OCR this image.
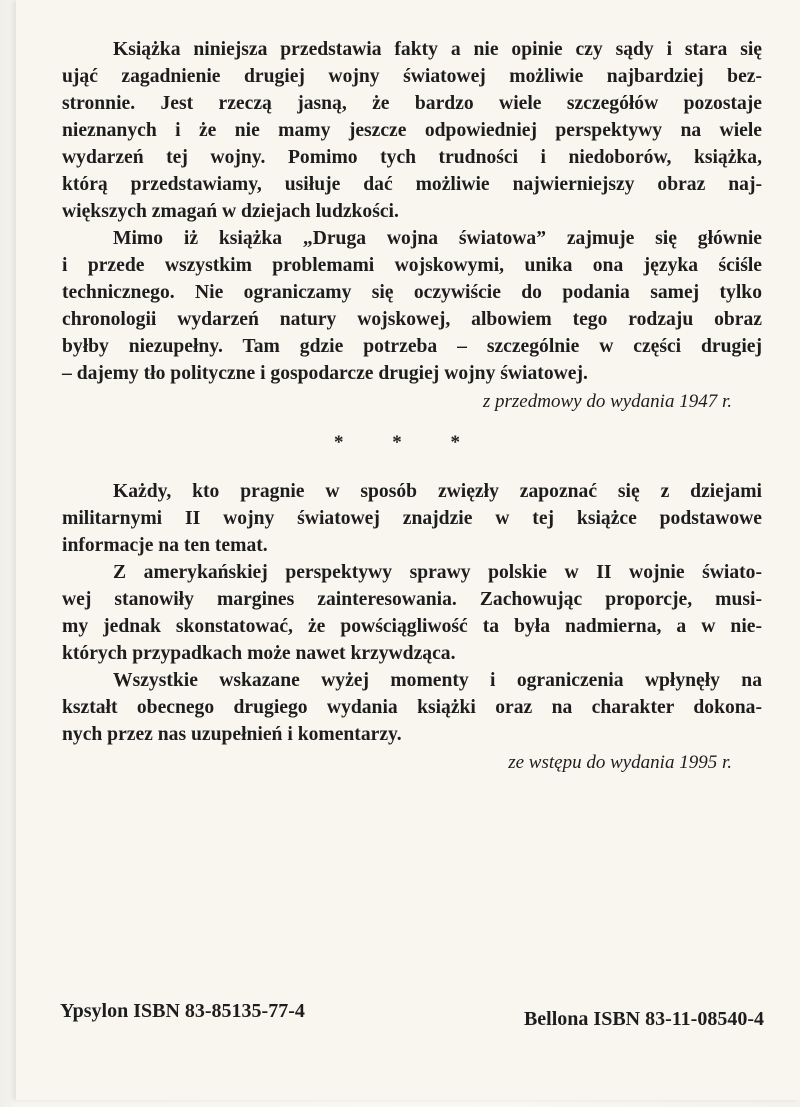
Książka niniejsza przedstawia fakty a nie opinie czy sądy i stara się
ująć zagadnienie drugiej wojny światowej możliwie najbardziej bez-
stronnie. Jest rzeczą jasną, że bardzo wiele szczegółów pozostaje
nieznanych i że nie mamy jeszcze odpowiedniej perspektywy na wiele
wydarzeń tej wojny. Pomimo tych trudności i niedoborów, książka,
którą przedstawiamy, usiłuje dać możliwie najwierniejszy obraz naj-
większych zmagań w dziejach ludzkości.
Mimo iż książka „Druga wojna światowa” zajmuje się głównie
i przede wszystkim problemami wojskowymi, unika ona języka ściśle
technicznego. Nie ograniczamy się oczywiście do podania samej tylko
chronologii wydarzeń natury wojskowej, albowiem tego rodzaju obraz
byłby niezupełny. Tam gdzie potrzeba – szczególnie w części drugiej
– dajemy tło polityczne i gospodarcze drugiej wojny światowej.
z przedmowy do wydania 1947 r.
* * *
Każdy, kto pragnie w sposób zwięzły zapoznać się z dziejami
militarnymi II wojny światowej znajdzie w tej książce podstawowe
informacje na ten temat.
Z amerykańskiej perspektywy sprawy polskie w II wojnie świato-
wej stanowiły margines zainteresowania. Zachowując proporcje, musi-
my jednak skonstatować, że powściągliwość ta była nadmierna, a w nie-
których przypadkach może nawet krzywdząca.
Wszystkie wskazane wyżej momenty i ograniczenia wpłynęły na
kształt obecnego drugiego wydania książki oraz na charakter dokona-
nych przez nas uzupełnień i komentarzy.
ze wstępu do wydania 1995 r.
Ypsylon ISBN 83-85135-77-4	Bellona ISBN 83-11-08540-4
